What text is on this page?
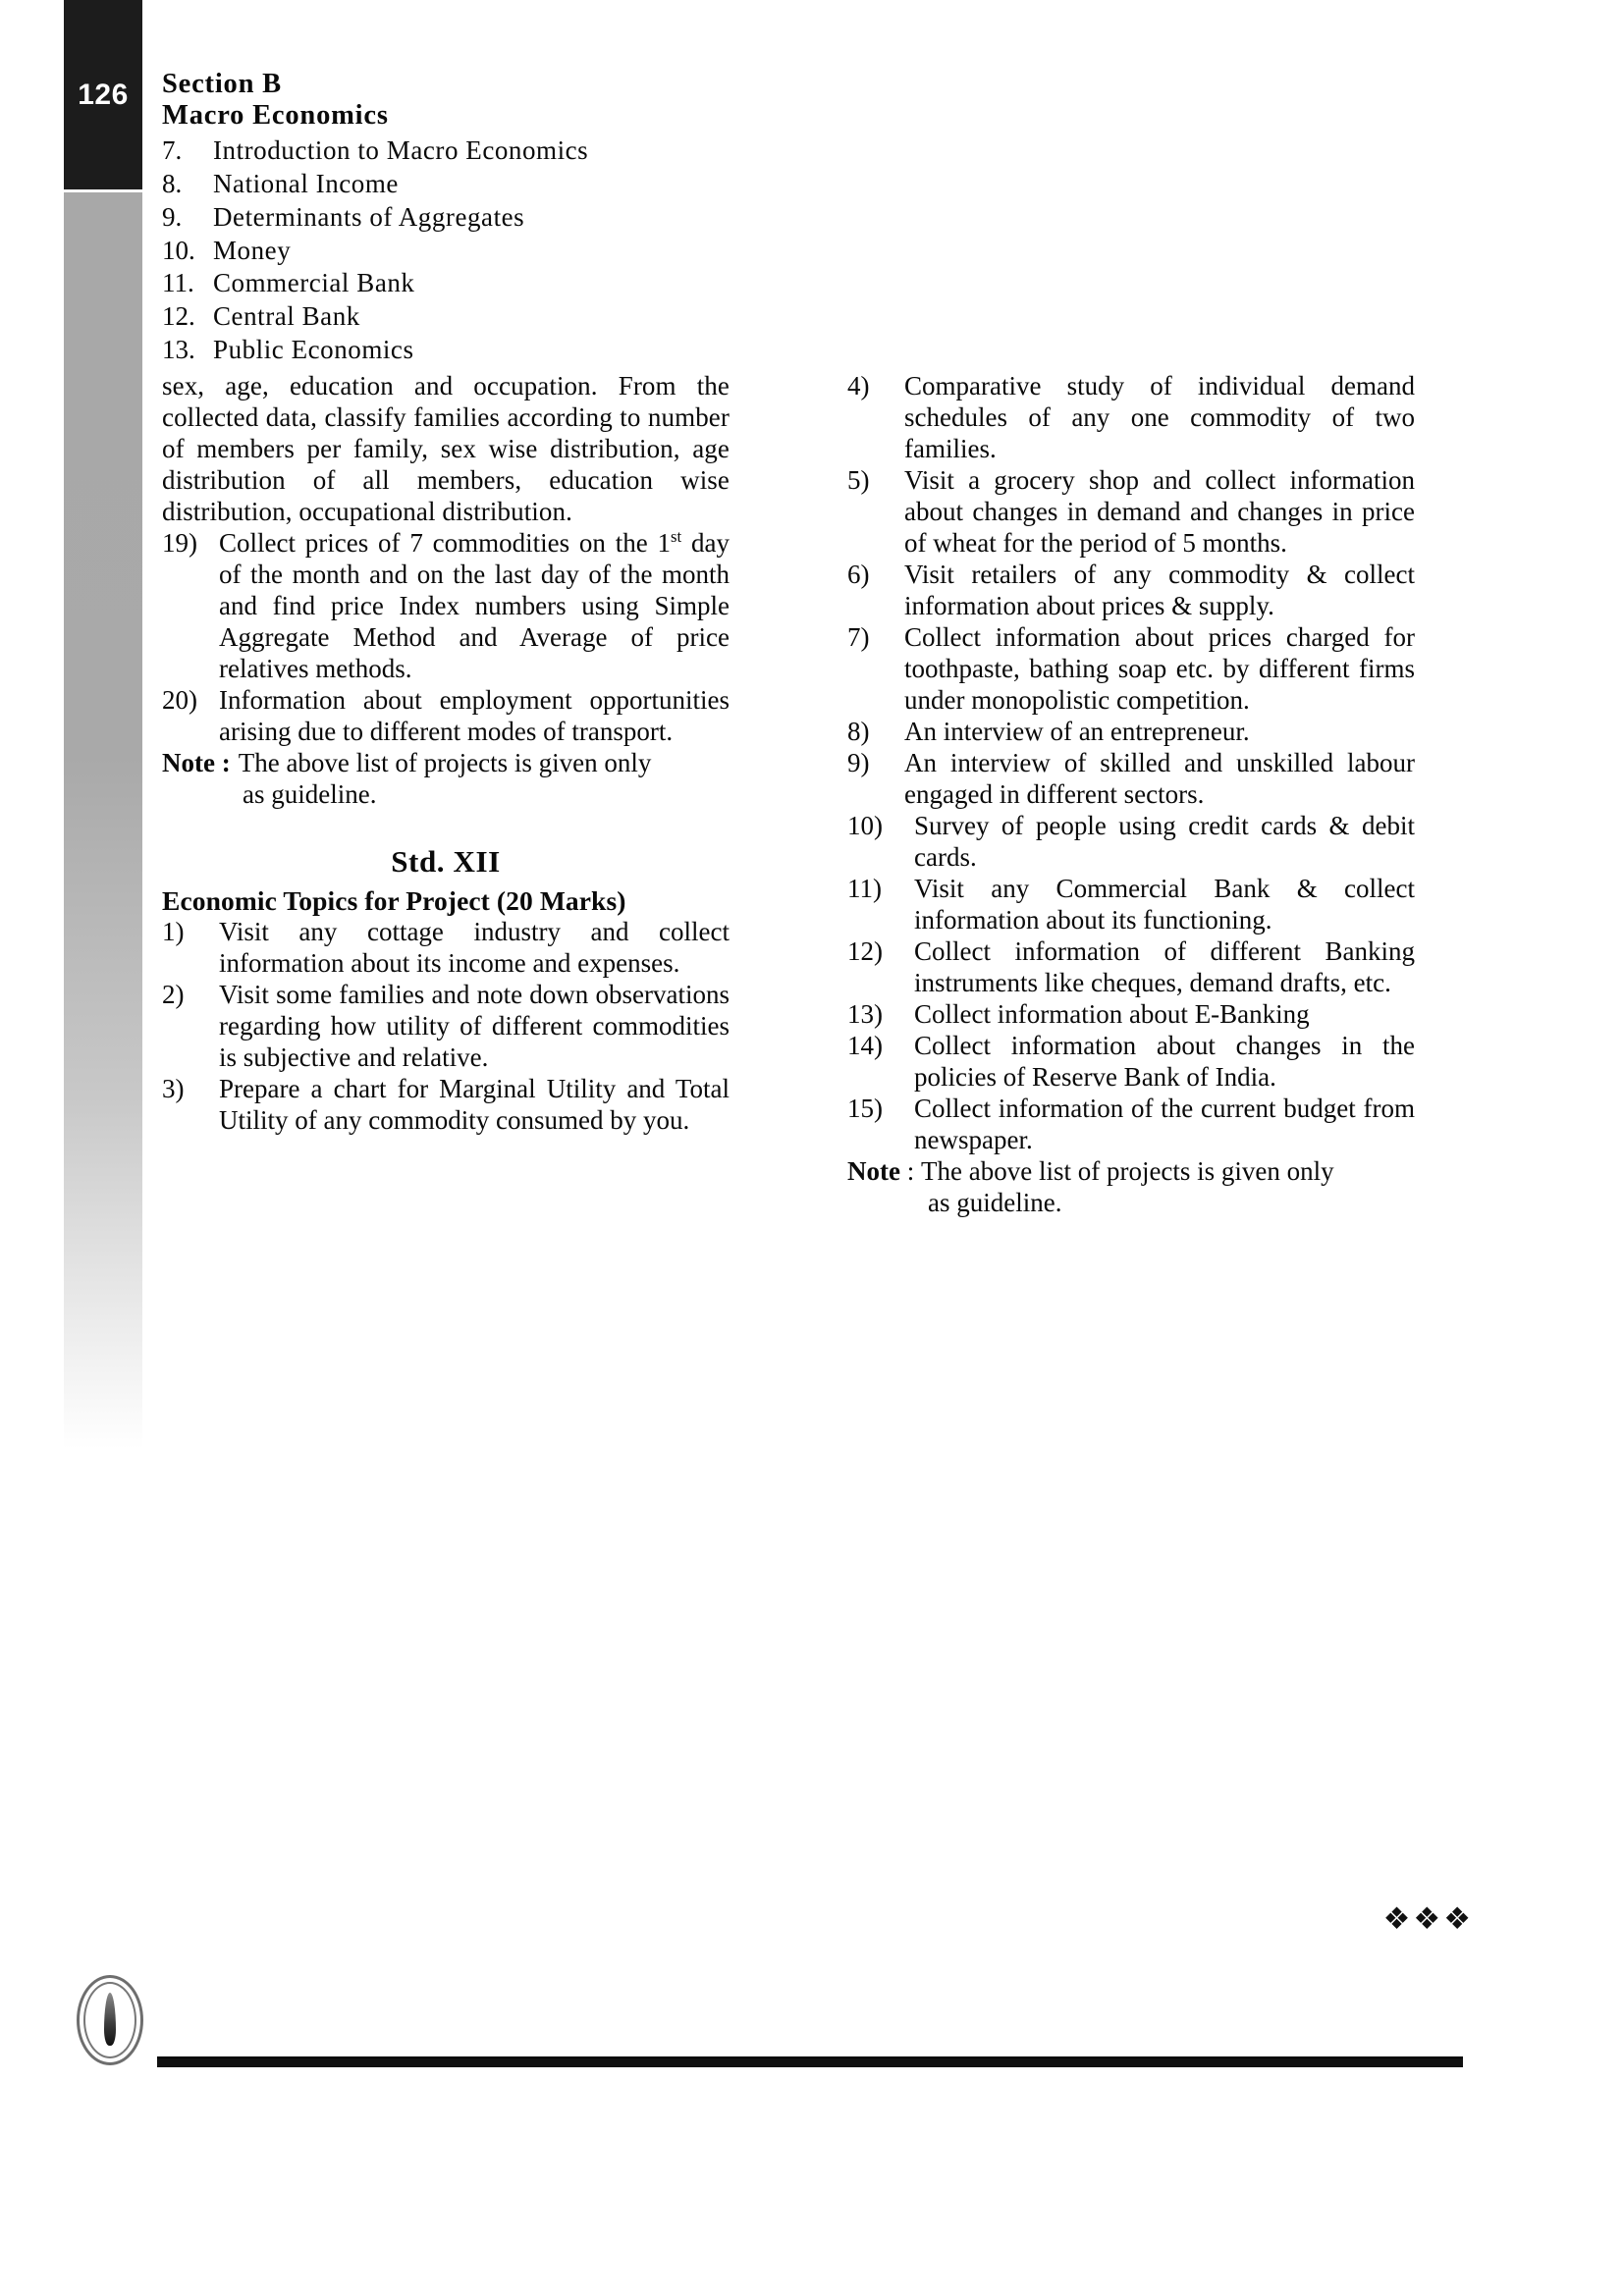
126	Section B
Macro Economics
7.	Introduction to Macro Economics
8.	National Income
9.	Determinants of Aggregates
10. Money
11. Commercial Bank
12. Central Bank
13. Public Economics
sex, age, education and occupation. From the collected data, classify families according to number of members per family, sex wise distribution, age distribution of all members, education wise distribution, occupational distribution.
19) Collect prices of 7 commodities on the 1st day of the month and on the last day of the month and find price Index numbers using Simple Aggregate Method and Average of price relatives methods.
20) Information about employment opportunities arising due to different modes of transport.
Note : The above list of projects is given only
as guideline.
Std. XII
Economic Topics for Project (20 Marks)
1)	Visit any cottage industry and collect information about its income and expenses.
2)	Visit some families and note down observations regarding how utility of different commodities is subjective and relative.
3)	Prepare a chart for Marginal Utility and Total Utility of any commodity consumed by you.
4)	Comparative study of individual demand schedules of any one commodity of two families.
5)	Visit a grocery shop and collect information about changes in demand and changes in price of wheat for the period of 5 months.
6)	Visit retailers of any commodity & collect information about prices & supply.
7)	Collect information about prices charged for toothpaste, bathing soap etc. by different firms under monopolistic competition.
8)	An interview of an entrepreneur.
9)	An interview of skilled and unskilled labour engaged in different sectors.
10)	Survey of people using credit cards & debit cards.
11)	Visit any Commercial Bank & collect information about its functioning.
12)	Collect information of different Banking instruments like cheques, demand drafts, etc.
13)	Collect information about E-Banking
14)	Collect information about changes in the policies of Reserve Bank of India.
15)	Collect information of the current budget from newspaper.
Note : The above list of projects is given only
as guideline.
❖❖❖
